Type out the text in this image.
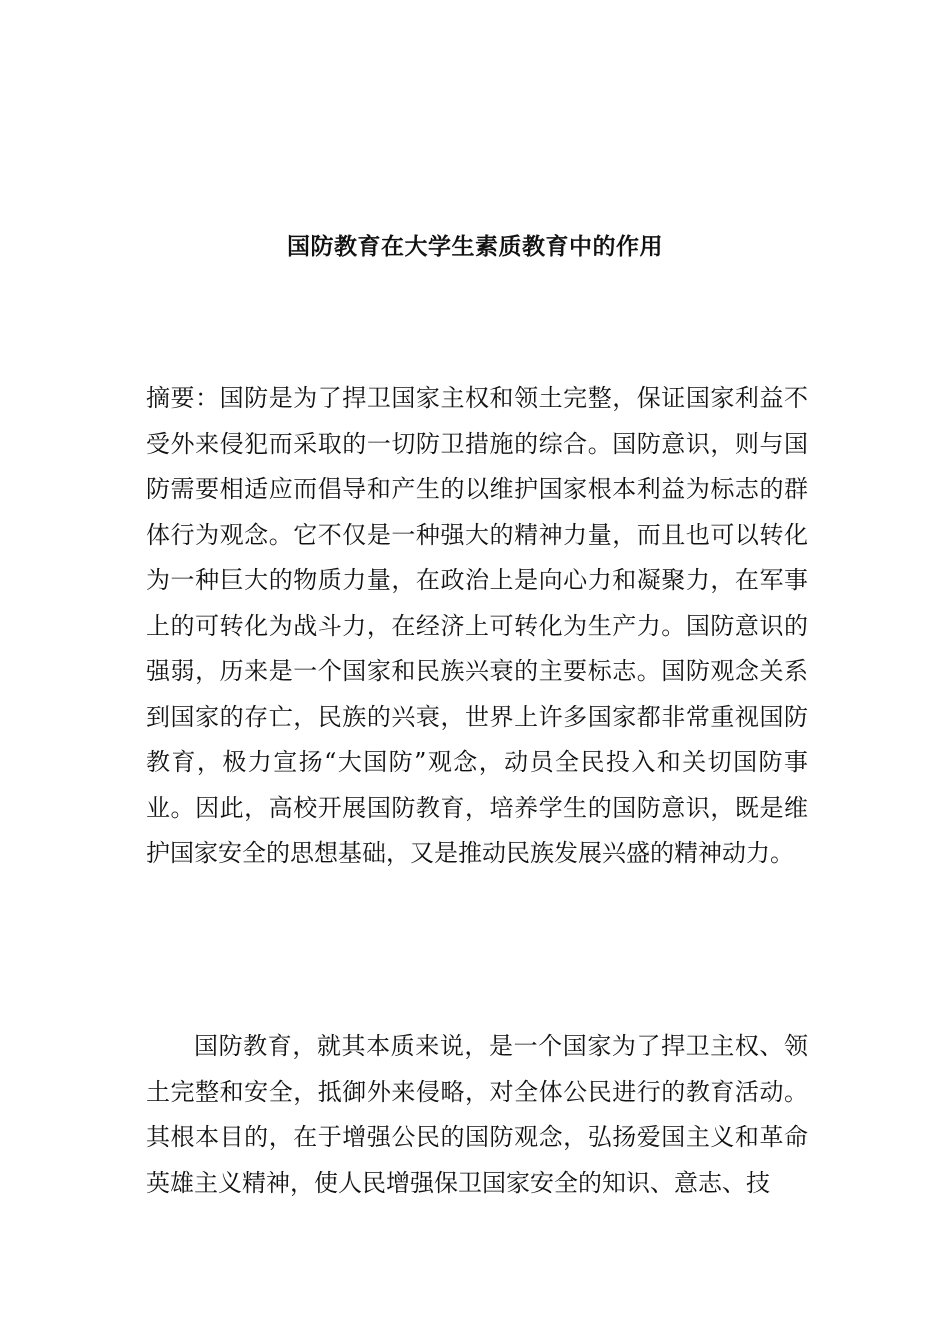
国防教育在大学生素质教育中的作用

摘要：国防是为了捍卫国家主权和领土完整，保证国家利益不受外来侵犯而采取的一切防卫措施的综合。国防意识，则与国防需要相适应而倡导和产生的以维护国家根本利益为标志的群体行为观念。它不仅是一种强大的精神力量，而且也可以转化为一种巨大的物质力量，在政治上是向心力和凝聚力，在军事上的可转化为战斗力，在经济上可转化为生产力。国防意识的强弱，历来是一个国家和民族兴衰的主要标志。国防观念关系到国家的存亡，民族的兴衰，世界上许多国家都非常重视国防教育，极力宣扬“大国防”观念，动员全民投入和关切国防事业。因此，高校开展国防教育，培养学生的国防意识，既是维护国家安全的思想基础，又是推动民族发展兴盛的精神动力。

国防教育，就其本质来说，是一个国家为了捍卫主权、领土完整和安全，抵御外来侵略，对全体公民进行的教育活动。其根本目的，在于增强公民的国防观念，弘扬爱国主义和革命英雄主义精神，使人民增强保卫国家安全的知识、意志、技
